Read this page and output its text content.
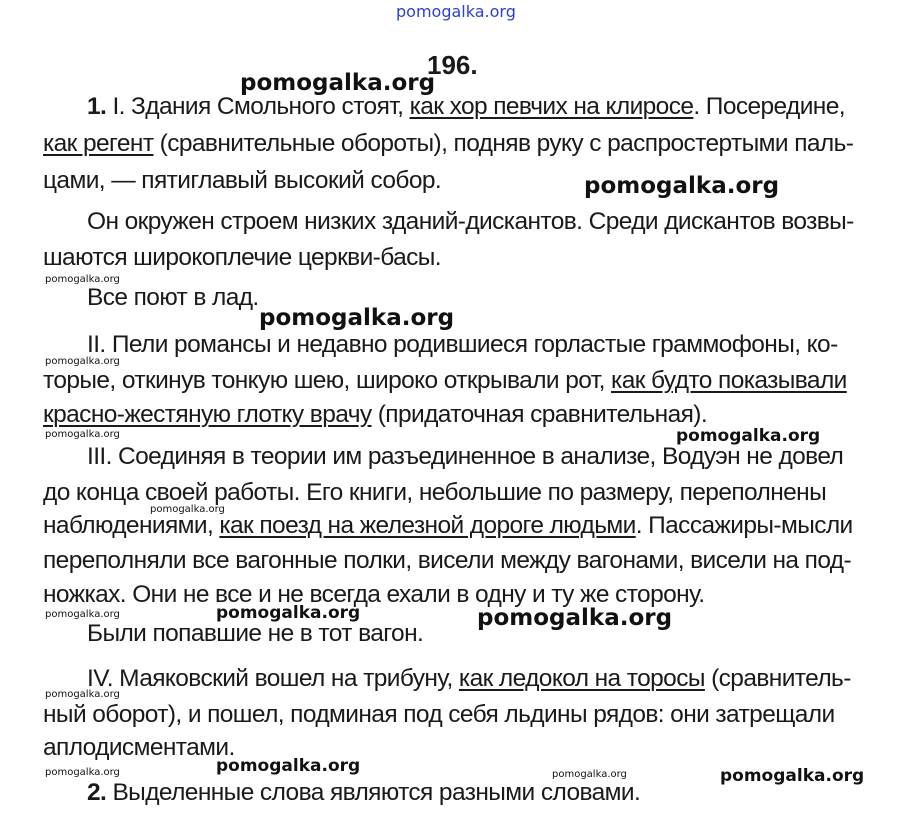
pomogalka.org
196.
1. I. Здания Смольного стоят, как хор певчих на клиросе. Посередине,
как регент (сравнительные обороты), подняв руку с распростертыми паль-
цами, — пятиглавый высокий собор.
Он окружен строем низких зданий-дискантов. Среди дискантов возвы-
шаются широкоплечие церкви-басы.
Все поют в лад.
II. Пели романсы и недавно родившиеся горластые граммофоны, ко-
торые, откинув тонкую шею, широко открывали рот, как будто показывали
красно-жестяную глотку врачу (придаточная сравнительная).
III. Соединяя в теории им разъединенное в анализе, Водуэн не довел
до конца своей работы. Его книги, небольшие по размеру, переполнены
наблюдениями, как поезд на железной дороге людьми. Пассажиры-мысли
переполняли все вагонные полки, висели между вагонами, висели на под-
ножках. Они не все и не всегда ехали в одну и ту же сторону.
Были попавшие не в тот вагон.
IV. Маяковский вошел на трибуну, как ледокол на торосы (сравнитель-
ный оборот), и пошел, подминая под себя льдины рядов: они затрещали
аплодисментами.
2. Выделенные слова являются разными словами.
pomogalka.org
pomogalka.org
pomogalka.org
pomogalka.org
pomogalka.org
pomogalka.org
pomogalka.org	pomogalka.org
pomogalka.org
pomogalka.org
pomogalka.org
pomogalka.org
pomogalka.org
pomogalka.org
pomogalka.org	pomogalka.org
